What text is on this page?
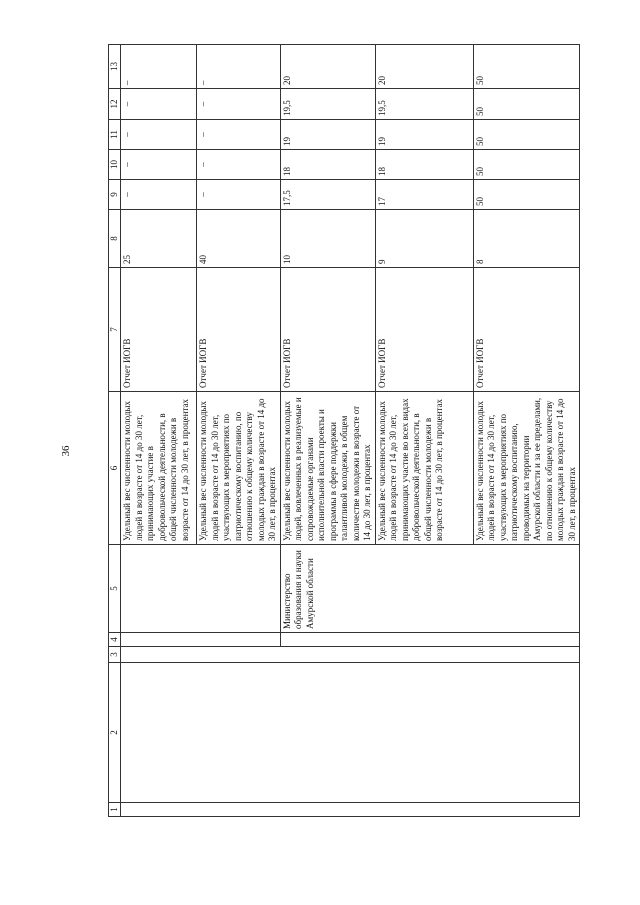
36
1	2	3	4	5	6	7	8	9	10	11	12	13
					Удельный вес численности молодых людей в возрасте от 14 до 30 лет, принимающих участие в добровольческой деятельности, в общей численности молодежи в возрасте от 14 до 30 лет, в процентах	Отчет ИОГВ	25	–	–	–	–	–
					Удельный вес численности молодых людей в возрасте от 14 до 30 лет, участвующих в мероприятиях по патриотическому воспитанию, по отношению к общему количеству молодых граждан в возрасте от 14 до 30 лет, в процентах	Отчет ИОГВ	40	–	–	–	–	–
				Министерство образования и науки Амурской области	Удельный вес численности молодых людей, вовлеченных в реализуемые и сопровождаемые органами исполнительной власти проекты и программы в сфере поддержки талантливой молодежи, в общем количестве молодежи в возрасте от 14 до 30 лет, в процентах	Отчет ИОГВ	10	17,5	18	19	19,5	20
					Удельный вес численности молодых людей в возрасте от 14 до 30 лет, принимающих участие во всех видах добровольческой деятельности, в общей численности молодежи в возрасте от 14 до 30 лет, в процентах	Отчет ИОГВ	9	17	18	19	19,5	20
					Удельный вес численности молодых людей в возрасте от 14 до 30 лет, участвующих в мероприятиях по патриотическому воспитанию, проводимых на территории Амурской области и за ее пределами, по отношению к общему количеству молодых граждан в возрасте от 14 до 30 лет, в процентах	Отчет ИОГВ	8	50	50	50	50	50
